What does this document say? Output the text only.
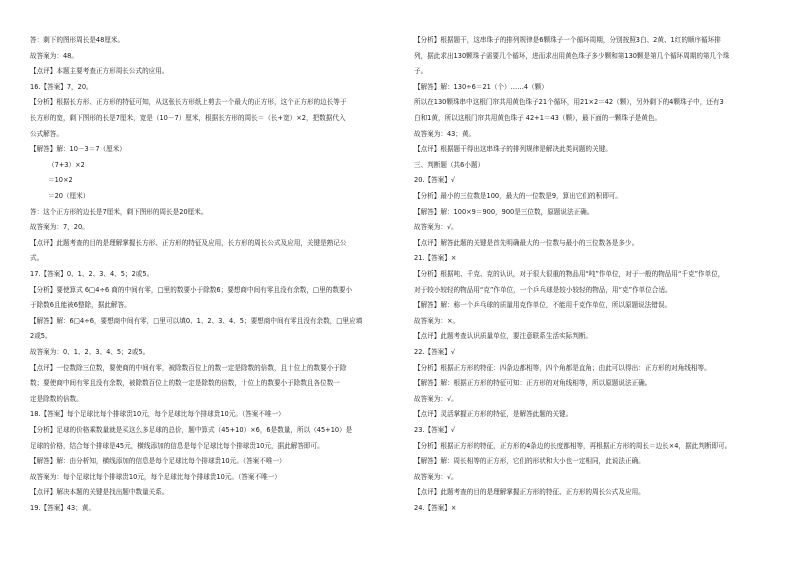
答：剩下的图形周长是48厘米。
故答案为：48。
【点评】本题主要考查正方形周长公式的应用。
16.【答案】7，20。
【分析】根据长方形、正方形的特征可知，从这张长方形纸上剪去一个最大的正方形，这个正方形的边长等于
长方形的宽，剩下图形的长是7厘米，宽是（10－7）厘米，根据长方形的周长＝（长+宽）×2，把数据代入
公式解答。
【解答】解：10－3＝7（厘米）
（7+3）×2
＝10×2
＝20（厘米）
答：这个正方形的边长是7厘米，剩下图形的周长是20厘米。
故答案为：7，20。
【点评】此题考查的目的是理解掌握长方形、正方形的特征及应用，长方形的周长公式及应用，关键是熟记公
式。
17.【答案】0、1、2、3、4、5；2或5。
【分析】要使算式 6□4÷6 商的中间有零，□里的数要小于除数6；要想商中间有零且没有余数，□里的数要小
于除数6且能被6整除，据此解答。
【解答】解：6□4÷6，要想商中间有零，□里可以填0、1、2、3、4、5；要想商中间有零且没有余数，□里应填
2或5。
故答案为：0、1、2、3、4、5；2或5。
【点评】一位数除三位数，要使商的中间有零，被除数百位上的数一定是除数的倍数，且十位上的数要小于除
数；要使商中间有零且没有余数，被除数百位上的数一定是除数的倍数，十位上的数要小于除数且各位数一
定是除数的倍数。
18.【答案】每个足球比每个排球贵10元，每个足球比每个排球贵10元。（答案不唯一）
【分析】足球的价格乘数量就是买这么多足球的总价，题中算式（45+10）×6，6是数量，所以（45+10）是
足球的价格，结合每个排球是45元，横线添加的信息是每个足球比每个排球贵10元，据此解答即可。
【解答】解：由分析知，横线添加的信息是每个足球比每个排球贵10元。（答案不唯一）
故答案为：每个足球比每个排球贵10元，每个足球比每个排球贵10元。（答案不唯一）
【点评】解决本题的关键是找出题中数量关系。
19.【答案】43；黄。
【分析】根据题干，这串珠子的排列规律是6颗珠子一个循环周期，分别按照3白、2黄、1红的顺序循环排
列，据此求出130颗珠子需要几个循环，进而求出用黄色珠子多少颗和第130颗是第几个循环周期的第几个珠
子。
【解答】解：130÷6＝21（个）……4（颗）
所以在130颗珠串中这根门帘共用黄色珠子21个循环，用21×2＝42（颗），另外剩下的4颗珠子中，还有3
白和1黄，所以这根门帘共用黄色珠子 42+1＝43（颗），最下面的一颗珠子是黄色。
故答案为：43；黄。
【点评】根据题干得出这串珠子的排列规律是解决此类问题的关键。
三、判断题（共6小题）
20.【答案】√
【分析】最小的三位数是100，最大的一位数是9，算出它们的积即可。
【解答】解：100×9＝900，900是三位数，原题说法正确。
故答案为：√。
【点评】解答此题的关键是首先明确最大的一位数与最小的三位数各是多少。
21.【答案】×
【分析】根据吨、千克、克的认识，对于很大很重的物品用“吨”作单位，对于一般的物品用“千克”作单位，
对于较小较轻的物品用“克”作单位，一个乒乓球是较小较轻的物品，用“克”作单位合适。
【解答】解：称一个乒乓球的质量用克作单位，不能用千克作单位，所以原题说法错误。
故答案为：×。
【点评】此题考查认识质量单位，要注意联系生活实际判断。
22.【答案】√
【分析】根据正方形的特征：四条边都相等，四个角都是直角；由此可以得出：正方形的对角线相等。
【解答】解：根据正方形的特征可知：正方形的对角线相等，所以原题说法正确。
故答案为：√。
【点评】灵活掌握正方形的特征，是解答此题的关键。
23.【答案】√
【分析】根据正方形的特征，正方形的4条边的长度都相等，再根据正方形的周长＝边长×4，据此判断即可。
【解答】解：周长相等的正方形，它们的形状和大小也一定相同，此说法正确。
故答案为：√。
【点评】此题考查的目的是理解掌握正方形的特征、正方形的周长公式及应用。
24.【答案】×
